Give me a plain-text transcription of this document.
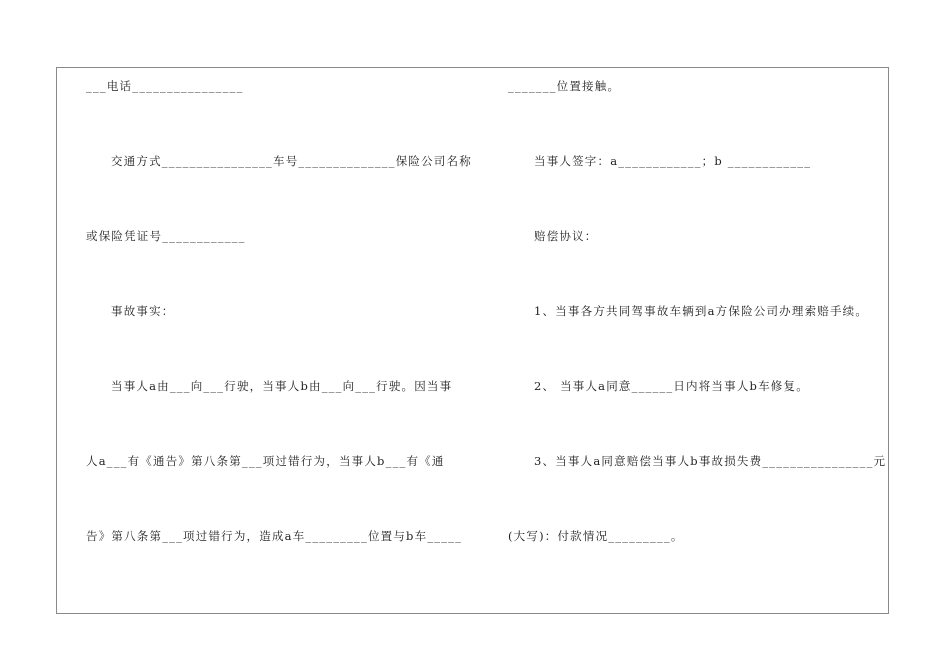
___电话________________
交通方式________________车号______________保险公司名称
或保险凭证号____________
事故事实：
当事人a由___向___行驶，当事人b由___向___行驶。因当事
人a___有《通告》第八条第___项过错行为，当事人b___有《通
告》第八条第___项过错行为，造成a车_________位置与b车_____
_______位置接触。
当事人签字：a____________；b ____________
赔偿协议：
1、当事各方共同驾事故车辆到a方保险公司办理索赔手续。
2、 当事人a同意______日内将当事人b车修复。
3、当事人a同意赔偿当事人b事故损失费________________元
(大写)：付款情况_________。
